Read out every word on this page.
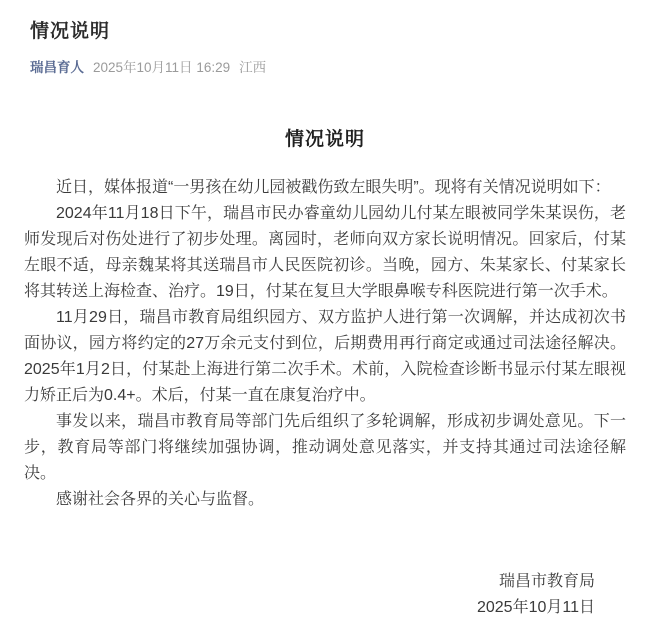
情况说明
瑞昌育人 2025年10月11日 16:29 江西
情况说明

近日，媒体报道“一男孩在幼儿园被戳伤致左眼失明”。现将有关情况说明如下：

2024年11月18日下午，瑞昌市民办睿童幼儿园幼儿付某左眼被同学朱某误伤，老师发现后对伤处进行了初步处理。离园时，老师向双方家长说明情况。回家后，付某左眼不适，母亲魏某将其送瑞昌市人民医院初诊。当晚，园方、朱某家长、付某家长将其转送上海检查、治疗。19日，付某在复旦大学眼鼻喉专科医院进行第一次手术。

11月29日，瑞昌市教育局组织园方、双方监护人进行第一次调解，并达成初次书面协议，园方将约定的27万余元支付到位，后期费用再行商定或通过司法途径解决。2025年1月2日，付某赴上海进行第二次手术。术前，入院检查诊断书显示付某左眼视力矫正后为0.4+。术后，付某一直在康复治疗中。

事发以来，瑞昌市教育局等部门先后组织了多轮调解，形成初步调处意见。下一步，教育局等部门将继续加强协调，推动调处意见落实，并支持其通过司法途径解决。

感谢社会各界的关心与监督。

瑞昌市教育局
2025年10月11日
